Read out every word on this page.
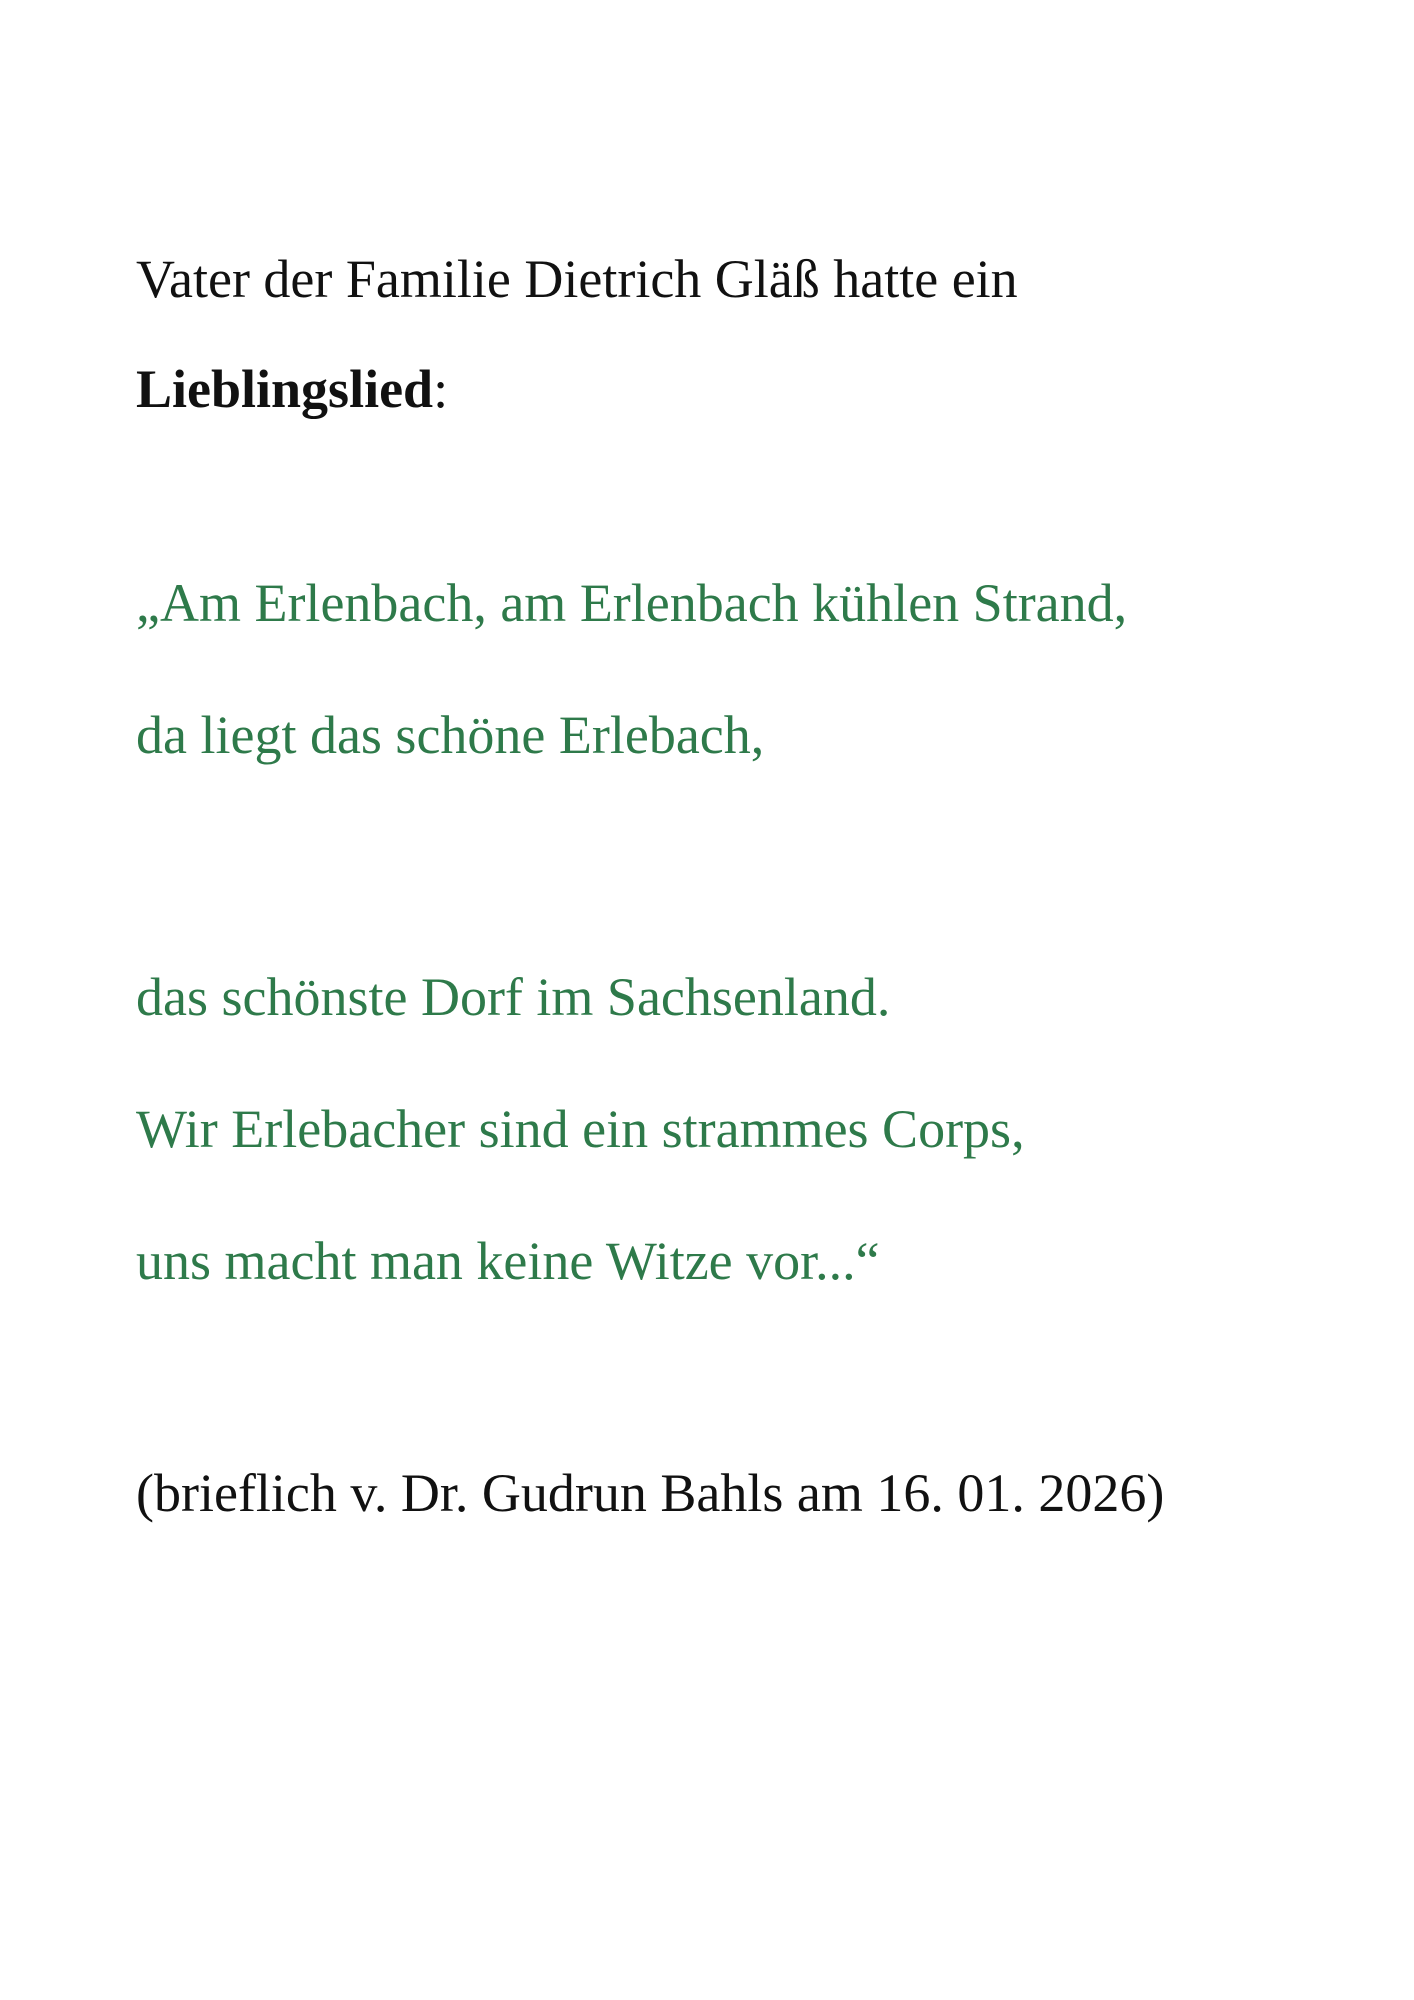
Vater der Familie Dietrich Gläß hatte ein

Lieblingslied:

„Am Erlenbach, am Erlenbach kühlen Strand,

da liegt das schöne Erlebach,

das schönste Dorf im Sachsenland.

Wir Erlebacher sind ein strammes Corps,

uns macht man keine Witze vor...“

(brieflich v. Dr. Gudrun Bahls am 16. 01. 2026)
